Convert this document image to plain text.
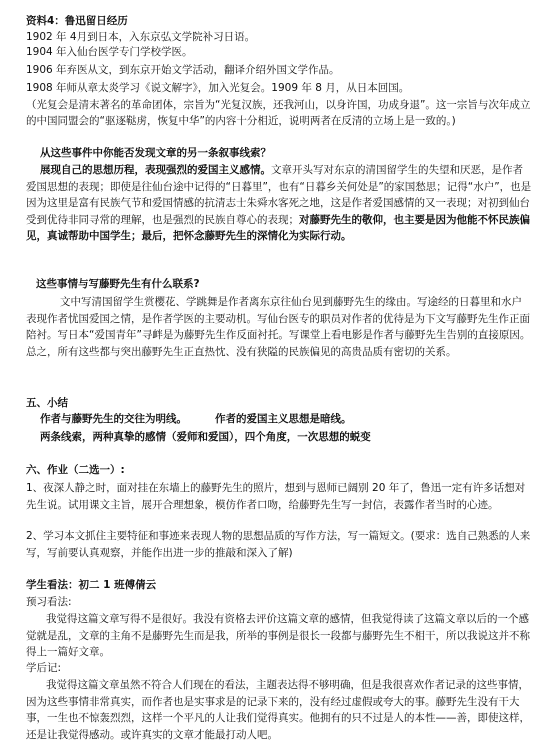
资料4：鲁迅留日经历
1902 年 4月到日本，入东京弘文学院补习日语。
1904 年入仙台医学专门学校学医。
1906 年弃医从文，到东京开始文学活动，翻译介绍外国文学作品。
1908 年师从章太炎学习《说文解字》，加入光复会。1909 年 8 月，从日本回国。
（光复会是清末著名的革命团体，宗旨为“光复汉族，还我河山，以身许国，功成身退”。这一宗旨与次年成立的中国同盟会的“驱逐鞑虏，恢复中华”的内容十分相近，说明两者在反清的立场上是一致的。)
从这些事件中你能否发现文章的另一条叙事线索？
展现自己的思想历程，表现强烈的爱国主义感情。文章开头写对东京的清国留学生的失望和厌恶，是作者爱国思想的表现；即使是往仙台途中记得的“日暮里”，也有“日暮乡关何处是”的家国愁思；记得“水户”，也是因为这里是富有民族气节和爱国情感的抗清志士朱舜水客死之地，这是作者爱国感情的又一表现；对初到仙台受到优待非同寻常的理解，也是强烈的民族自尊心的表现；对藤野先生的敬仰，也主要是因为他能不怀民族偏见，真诚帮助中国学生；最后，把怀念藤野先生的深情化为实际行动。
这些事情与写藤野先生有什么联系?
文中写清国留学生赏樱花、学跳舞是作者离东京往仙台见到藤野先生的缘由。写途经的日暮里和水户表现作者忧国爱国之情，是作者学医的主要动机。写仙台医专的职员对作者的优待是为下文写藤野先生作正面陪衬。写日本“爱国青年”寻衅是为藤野先生作反面衬托。写课堂上看电影是作者与藤野先生告别的直接原因。总之，所有这些都与突出藤野先生正直热忱、没有狭隘的民族偏见的高贵品质有密切的关系。
五、小结
作者与藤野先生的交往为明线。	作者的爱国主义思想是暗线。
两条线索，两种真挚的感情（爱师和爱国），四个角度，一次思想的蜕变
六、作业（二选一）:
1、夜深人静之时，面对挂在东墙上的藤野先生的照片，想到与恩师已阔别 20 年了，鲁迅一定有许多话想对先生说。试用课文主旨，展开合理想象，模仿作者口吻，给藤野先生写一封信，表露作者当时的心迹。
2、学习本文抓住主要特征和事迹来表现人物的思想品质的写作方法，写一篇短文。(要求：选自己熟悉的人来写，写前要认真观察，并能作出进一步的推敲和深入了解)
学生看法：初二 1 班傅倩云
预习看法:
我觉得这篇文章写得不是很好。我没有资格去评价这篇文章的感情，但我觉得读了这篇文章以后的一个感觉就是乱，文章的主角不是藤野先生而是我，所举的事例是很长一段都与藤野先生不相干，所以我说这并不称得上一篇好文章。
学后记:
我觉得这篇文章虽然不符合人们现在的看法，主题表达得不够明确，但是我很喜欢作者记录的这些事情，因为这些事情非常真实，而作者也是实事求是的记录下来的，没有经过虚假或夸大的事。藤野先生没有干大事，一生也不惊轰烈烈，这样一个平凡的人让我们觉得真实。他拥有的只不过是人的本性——善，即使这样，还是让我觉得感动。或许真实的文章才能最打动人吧。
